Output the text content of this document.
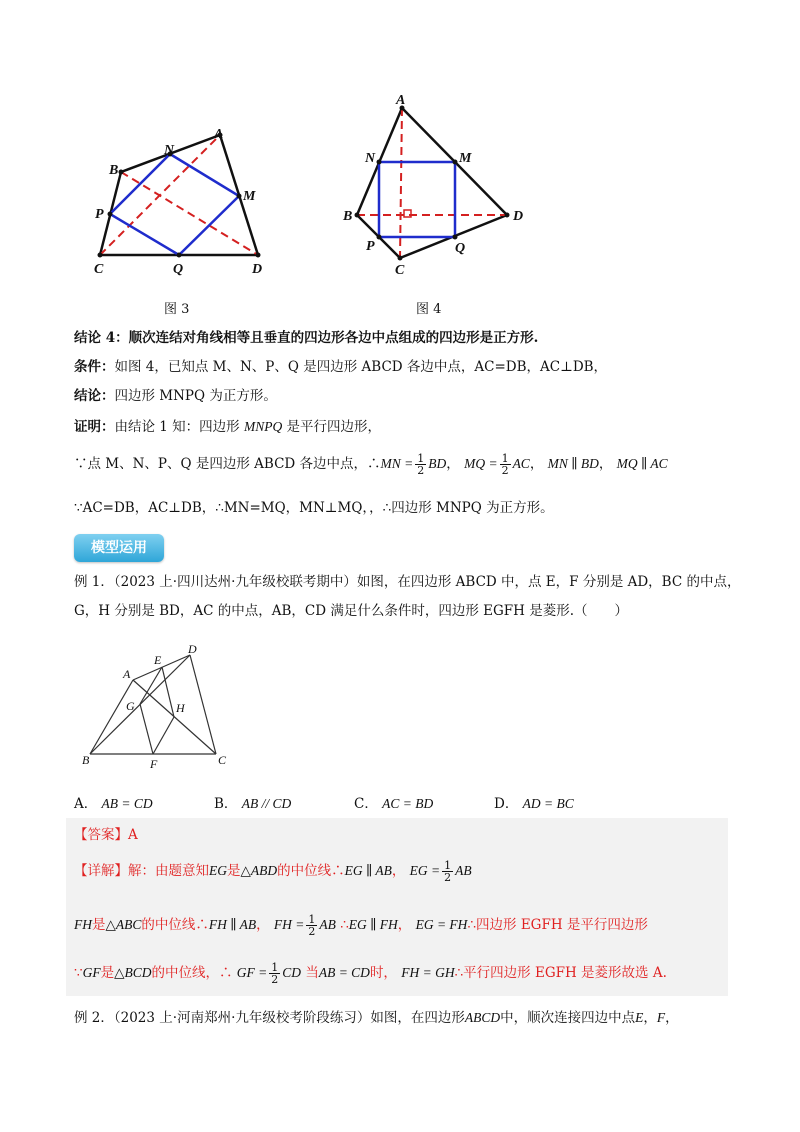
A
B
N
M
P
C	Q	D
图 3
A
N	M
B	D
P	Q
C
图 4
结论 4：顺次连结对角线相等且垂直的四边形各边中点组成的四边形是正方形.
条件：如图 4，已知点 M、N、P、Q 是四边形 ABCD 各边中点，AC=DB，AC⊥DB，
结论：四边形 MNPQ 为正方形。
证明：由结论 1 知：四边形 MNPQ 是平行四边形，
∵点 M、N、P、Q 是四边形 ABCD 各边中点，∴MN = $\frac{1}{2}$ BD， MQ = $\frac{1}{2}$ AC， MN ∥ BD， MQ ∥ AC
∵AC=DB，AC⊥DB，∴MN=MQ，MN⊥MQ，，∴四边形 MNPQ 为正方形。
模型运用
例 1．（2023 上·四川达州·九年级校联考期中）如图，在四边形 ABCD 中，点 E，F 分别是 AD，BC 的中点，
G，H 分别是 BD，AC 的中点，AB，CD 满足什么条件时，四边形 EGFH 是菱形.（　　）
A
E
D
G	H
B	F	C
A． AB = CD	B． AB // CD	C． AC = BD	D． AD = BC
【答案】A
【详解】解：由题意知EG是△ABD的中位线∴EG ∥ AB， EG = $\frac{1}{2}$ AB
FH是△ABC的中位线∴FH ∥ AB， FH = $\frac{1}{2}$ AB ∴EG ∥ FH， EG = FH∴四边形 EGFH 是平行四边形
∵GF是△BCD的中位线，∴ GF = $\frac{1}{2}$ CD 当AB = CD时， FH = GH∴平行四边形 EGFH 是菱形故选 A.
例 2．（2023 上·河南郑州·九年级校考阶段练习）如图，在四边形ABCD中，顺次连接四边中点E，F，
